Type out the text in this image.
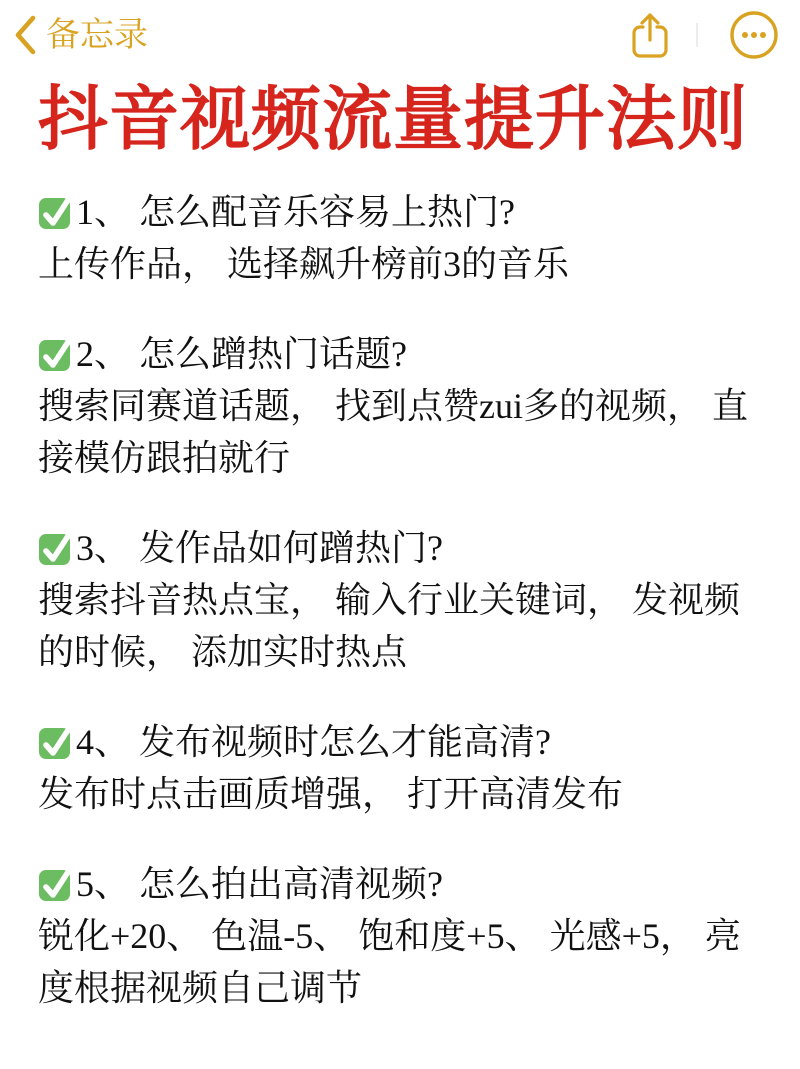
备忘录
抖音视频流量提升法则

1、 怎么配音乐容易上热门?

上传作品， 选择飙升榜前3的音乐

2、 怎么蹭热门话题?

搜索同赛道话题， 找到点赞zui多的视频， 直接模仿跟拍就行

3、 发作品如何蹭热门?

搜索抖音热点宝， 输入行业关键词， 发视频的时候， 添加实时热点

4、 发布视频时怎么才能高清?

发布时点击画质增强， 打开高清发布

5、 怎么拍出高清视频?

锐化+20、 色温-5、 饱和度+5、 光感+5， 亮度根据视频自己调节
